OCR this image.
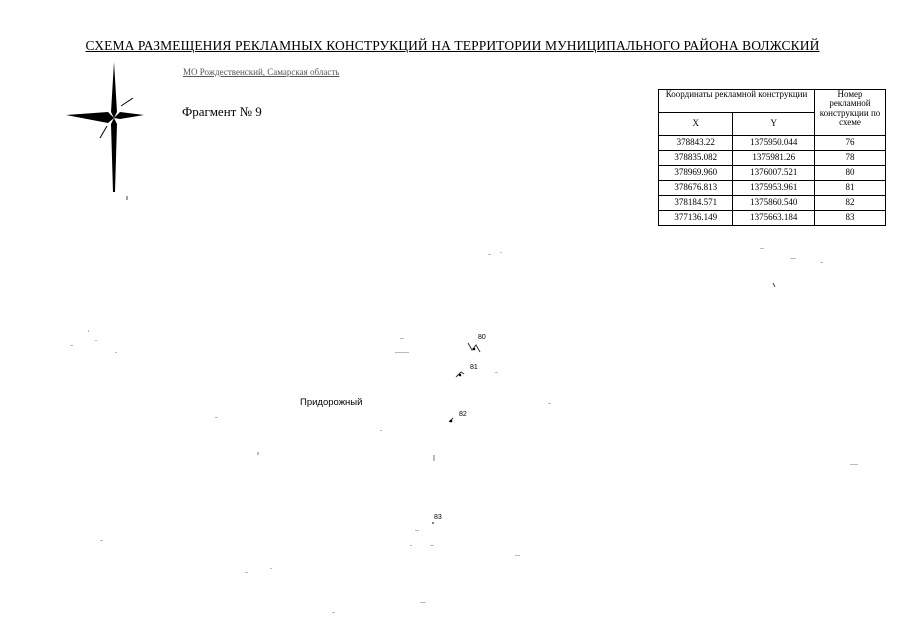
СХЕМА РАЗМЕЩЕНИЯ РЕКЛАМНЫХ КОНСТРУКЦИЙ НА ТЕРРИТОРИИ МУНИЦИПАЛЬНОГО РАЙОНА ВОЛЖСКИЙ
МО Рождественский, Самарская область
Фрагмент № 9
Координаты рекламной конструкции		Номер рекламной конструкции по схеме
X	Y	
378843.22	1375950.044	76
378835.082	1375981.26	78
378969.960	1376007.521	80
378676.813	1375953.961	81
378184.571	1375860.540	82
377136.149	1375663.184	83
Придорожный
80
81
82
83
